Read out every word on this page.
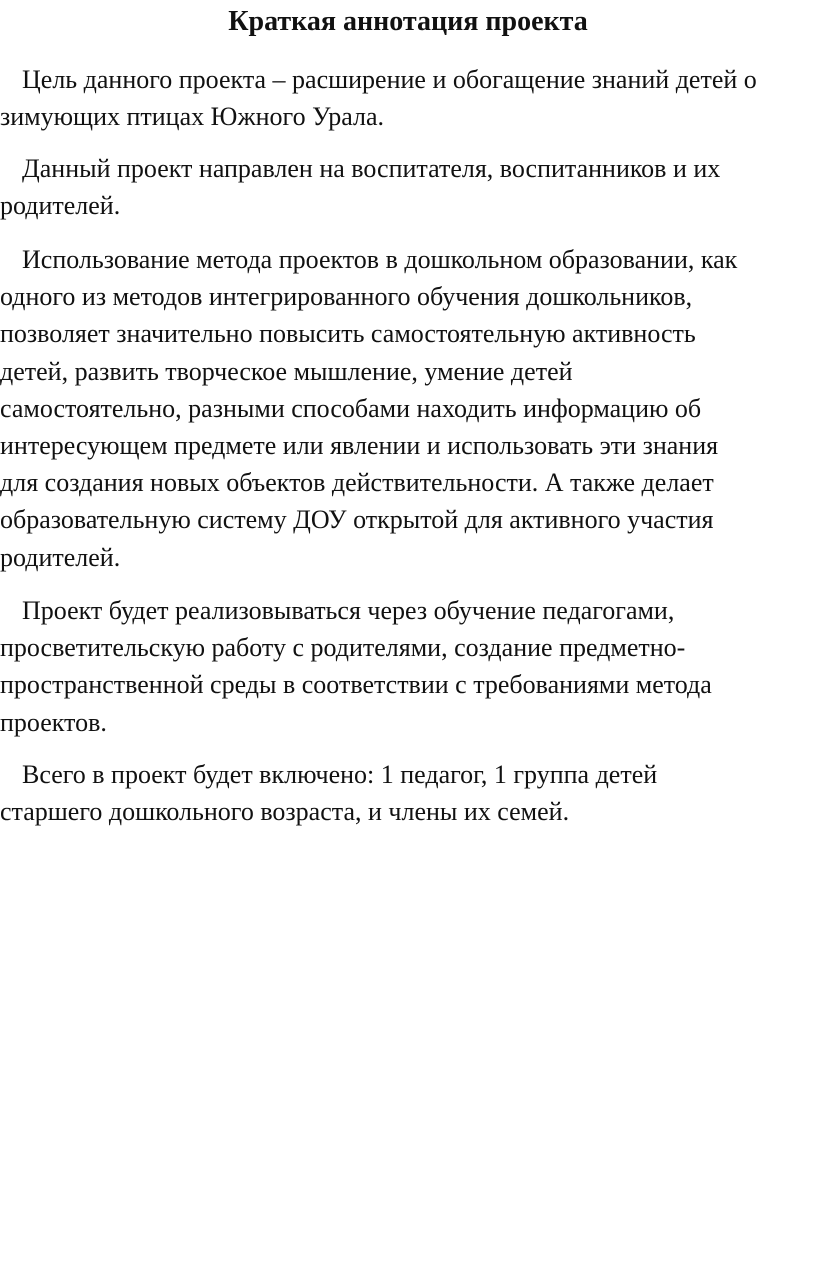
Краткая аннотация проекта

Цель данного проекта – расширение и обогащение знаний детей о
зимующих птицах Южного Урала.

Данный проект направлен на воспитателя, воспитанников и их
родителей.

Использование метода проектов в дошкольном образовании, как
одного из методов интегрированного обучения дошкольников,
позволяет значительно повысить самостоятельную активность
детей, развить творческое мышление, умение детей
самостоятельно, разными способами находить информацию об
интересующем предмете или явлении и использовать эти знания
для создания новых объектов действительности. А также делает
образовательную систему ДОУ открытой для активного участия
родителей.

Проект будет реализовываться через обучение педагогами,
просветительскую работу с родителями, создание предметно-
пространственной среды в соответствии с требованиями метода
проектов.

Всего в проект будет включено: 1 педагог, 1 группа детей
старшего дошкольного возраста, и члены их семей.
